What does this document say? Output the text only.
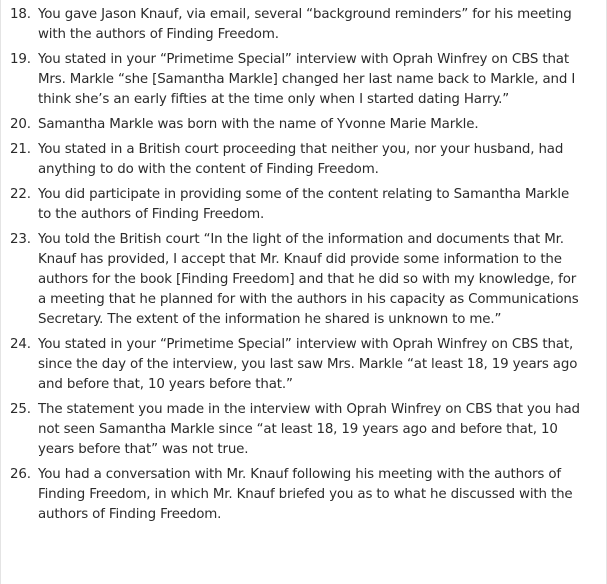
18. You gave Jason Knauf, via email, several “background reminders” for his meeting with the authors of Finding Freedom.
19. You stated in your “Primetime Special” interview with Oprah Winfrey on CBS that Mrs. Markle “she [Samantha Markle] changed her last name back to Markle, and I think she’s an early fifties at the time only when I started dating Harry.”
20. Samantha Markle was born with the name of Yvonne Marie Markle.
21. You stated in a British court proceeding that neither you, nor your husband, had anything to do with the content of Finding Freedom.
22. You did participate in providing some of the content relating to Samantha Markle to the authors of Finding Freedom.
23. You told the British court “In the light of the information and documents that Mr. Knauf has provided, I accept that Mr. Knauf did provide some information to the authors for the book [Finding Freedom] and that he did so with my knowledge, for a meeting that he planned for with the authors in his capacity as Communications Secretary. The extent of the information he shared is unknown to me.”
24. You stated in your “Primetime Special” interview with Oprah Winfrey on CBS that, since the day of the interview, you last saw Mrs. Markle “at least 18, 19 years ago and before that, 10 years before that.”
25. The statement you made in the interview with Oprah Winfrey on CBS that you had not seen Samantha Markle since “at least 18, 19 years ago and before that, 10 years before that” was not true.
26. You had a conversation with Mr. Knauf following his meeting with the authors of Finding Freedom, in which Mr. Knauf briefed you as to what he discussed with the authors of Finding Freedom.
